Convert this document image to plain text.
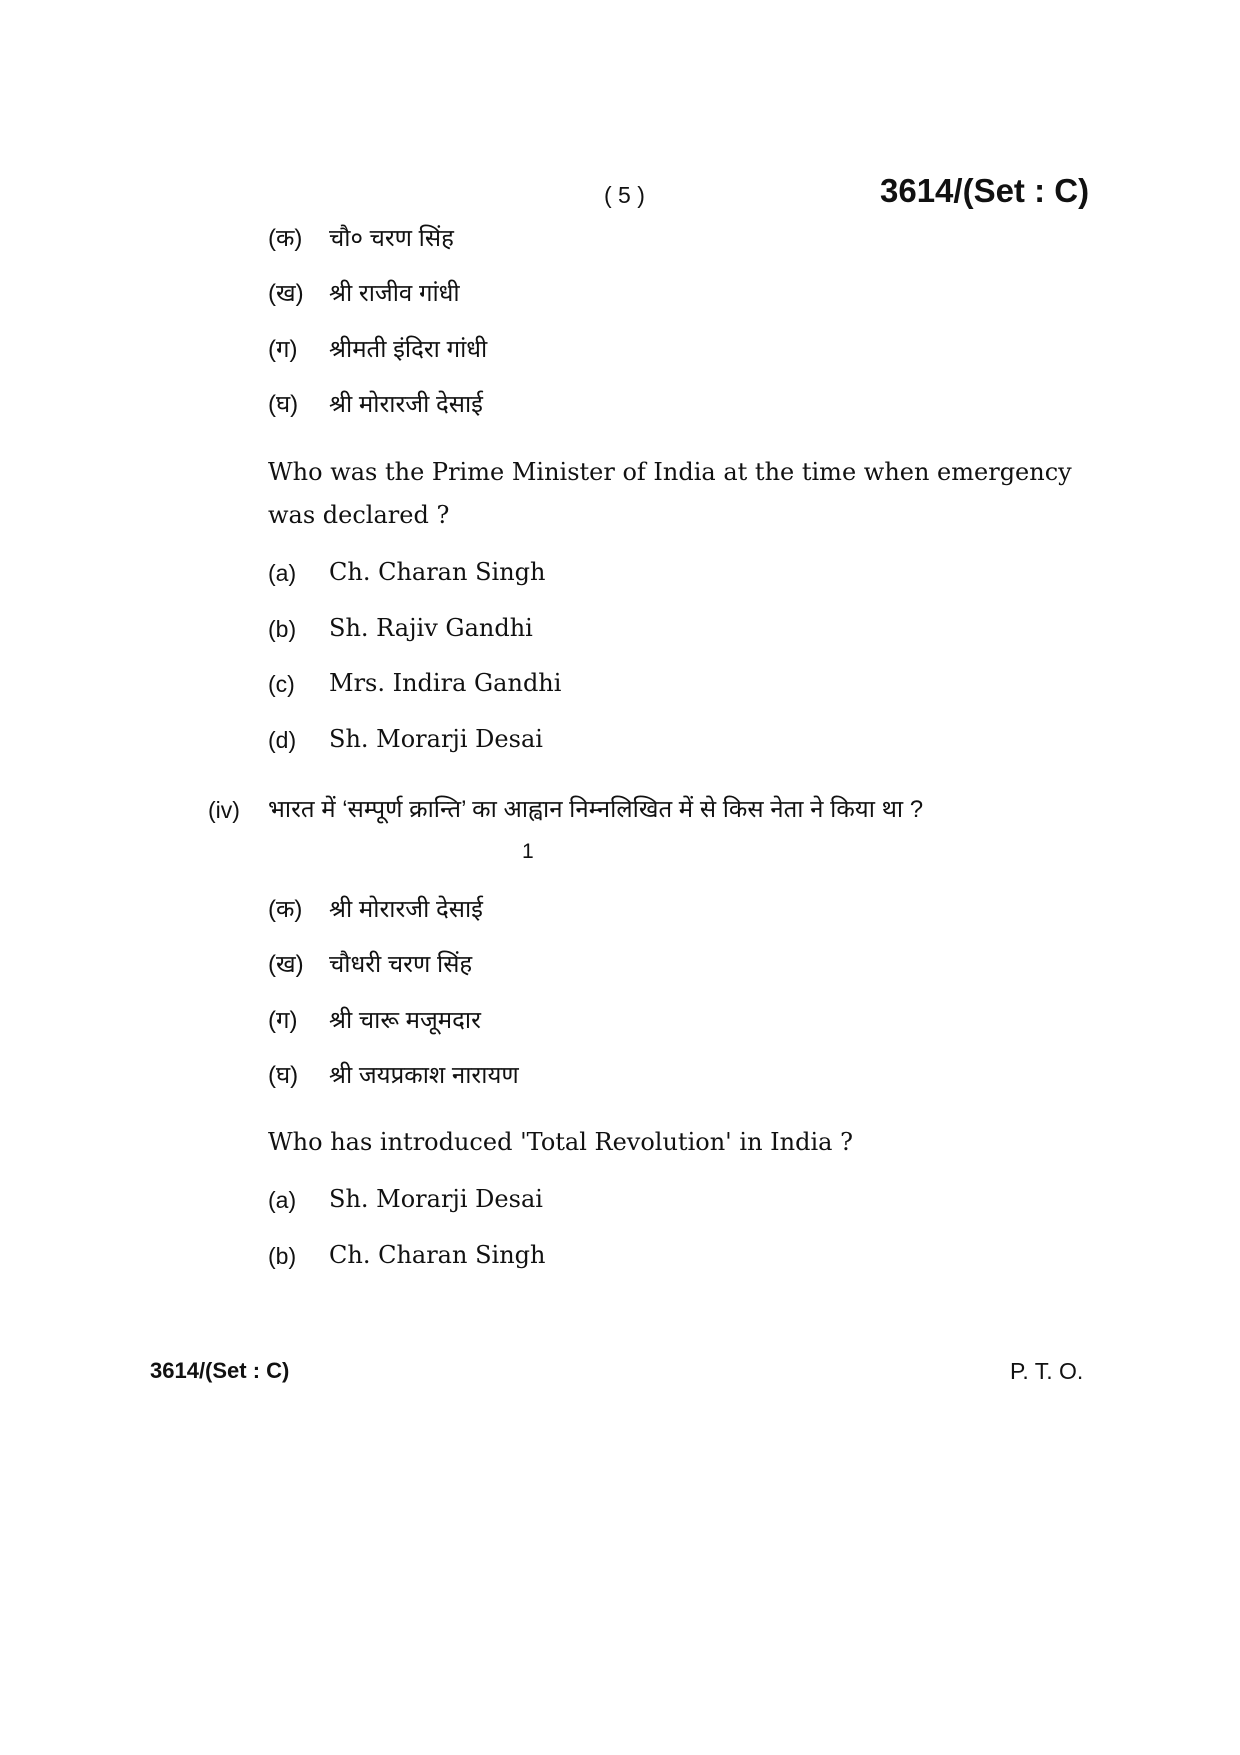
( 5 )	3614/(Set : C)
(क) चौ० चरण सिंह
(ख) श्री राजीव गांधी
(ग) श्रीमती इंदिरा गांधी
(घ) श्री मोरारजी देसाई
Who was the Prime Minister of India at the time when emergency
was declared ?
(a) Ch. Charan Singh
(b) Sh. Rajiv Gandhi
(c) Mrs. Indira Gandhi
(d) Sh. Morarji Desai
(iv) भारत में ‘सम्पूर्ण क्रान्ति’ का आह्वान निम्नलिखित में से किस नेता ने किया था ?
1
(क) श्री मोरारजी देसाई
(ख) चौधरी चरण सिंह
(ग) श्री चारू मजूमदार
(घ) श्री जयप्रकाश नारायण
Who has introduced 'Total Revolution' in India ?
(a) Sh. Morarji Desai
(b) Ch. Charan Singh
3614/(Set : C)	P. T. O.
